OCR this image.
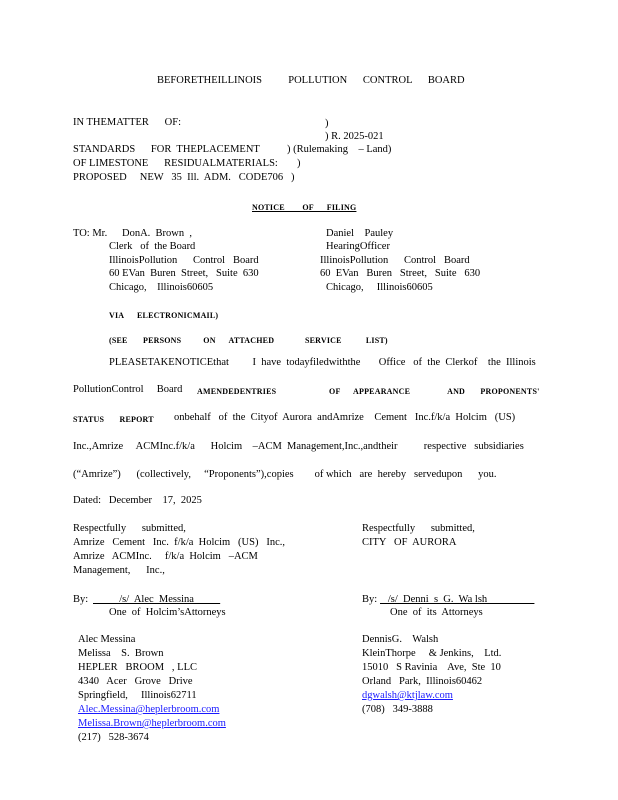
BEFORETHEILLINOIS          POLLUTION      CONTROL      BOARD
IN THEMATTER      OF:
STANDARDS      FOR  THEPLACEMENT
OF LIMESTONE      RESIDUALMATERIALS:
PROPOSED     NEW   35  Ill.  ADM.   CODE706
)
) R. 2025-021
) (Rulemaking    – Land)
)
)
NOTICE        OF      FILING
TO: Mr. DonA.  Brown  ,
Clerk   of  the Board
IllinoisPollution      Control   Board
60 EVan  Buren  Street,   Suite  630
Chicago,    Illinois60605
Daniel    Pauley
HearingOfficer
IllinoisPollution      Control   Board
60  EVan   Buren   Street,   Suite   630
Chicago,     Illinois60605
VIA      ELECTRONICMAIL)
(SEE       PERSONS          ON      ATTACHED              SERVICE           LIST)
PLEASETAKENOTICEthat         I  have  todayfiledwiththe       Office   of  the  Clerkof    the  Illinois
PollutionControl     Board AMENDEDENTRIES                        OF      APPEARANCE                 AND       PROPONENTS'
STATUS       REPORT onbehalf   of  the  Cityof  Aurora  andAmrize    Cement   Inc.f/k/a  Holcim   (US)
Inc.,Amrize     ACMInc.f/k/a      Holcim    –ACM  Management,Inc.,andtheir          respective   subsidiaries
(“Amrize”)      (collectively,     “Proponents”),copies        of which   are  hereby   servedupon      you.
Dated:   December    17,  2025
Respectfully      submitted,
Amrize   Cement   Inc.  f/k/a  Holcim   (US)   Inc.,
Amrize   ACMInc.     f/k/a  Holcim   –ACM
Management,      Inc.,
By: /s/  Alec  Messina
One  of  Holcim’sAttorneys
Alec Messina
Melissa    S.  Brown
HEPLER   BROOM   , LLC
4340   Acer   Grove   Drive
Springfield,     Illinois62711
Alec.Messina@heplerbroom.com
Melissa.Brown@heplerbroom.com
(217)   528-3674
Respectfully      submitted,
CITY   OF  AURORA
By: /s/  Denni  s  G.  Wa lsh
One  of  its  Attorneys
DennisG.    Walsh
KleinThorpe     & Jenkins,    Ltd.
15010   S Ravinia    Ave,  Ste  10
Orland   Park,  Illinois60462
dgwalsh@ktjlaw.com
(708)   349-3888
